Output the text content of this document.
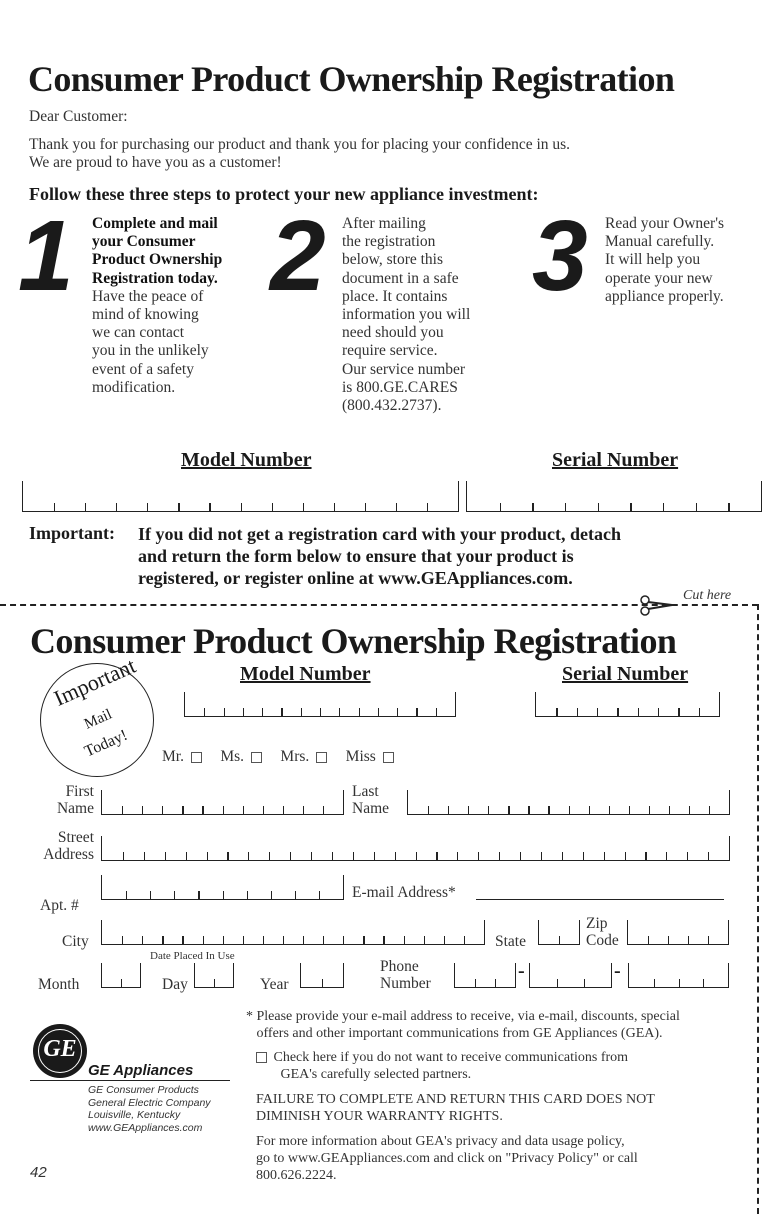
Consumer Product Ownership Registration
Dear Customer:
Thank you for purchasing our product and thank you for placing your confidence in us.
We are proud to have you as a customer!
Follow these three steps to protect your new appliance investment:
1 Complete and mail
your Consumer
Product Ownership
Registration today.
Have the peace of
mind of knowing
we can contact
you in the unlikely
event of a safety
modification.
2 After mailing
the registration
below, store this
document in a safe
place. It contains
information you will
need should you
require service.
Our service number
is 800.GE.CARES
(800.432.2737).
3 Read your Owner's
Manual carefully.
It will help you
operate your new
appliance properly.
Model Number	Serial Number
Important: If you did not get a registration card with your product, detach
and return the form below to ensure that your product is
registered, or register online at www.GEAppliances.com.
Cut here
Consumer Product Ownership Registration
Important
Mail
Today!
Model Number	Serial Number
Mr. Ms. Mrs. Miss
First
Name
Last
Name
Street
Address
Apt. #
E-mail Address*
City	State
Zip
Code
Date Placed In Use
Month	Day	Year
Phone
Number
-	-
GE
GE Appliances
GE Consumer Products
General Electric Company
Louisville, Kentucky
www.GEAppliances.com
42
* Please provide your e-mail address to receive, via e-mail, discounts, special
offers and other important communications from GE Appliances (GEA).
Check here if you do not want to receive communications from
GEA's carefully selected partners.
FAILURE TO COMPLETE AND RETURN THIS CARD DOES NOT
DIMINISH YOUR WARRANTY RIGHTS.
For more information about GEA's privacy and data usage policy,
go to www.GEAppliances.com and click on "Privacy Policy" or call
800.626.2224.
